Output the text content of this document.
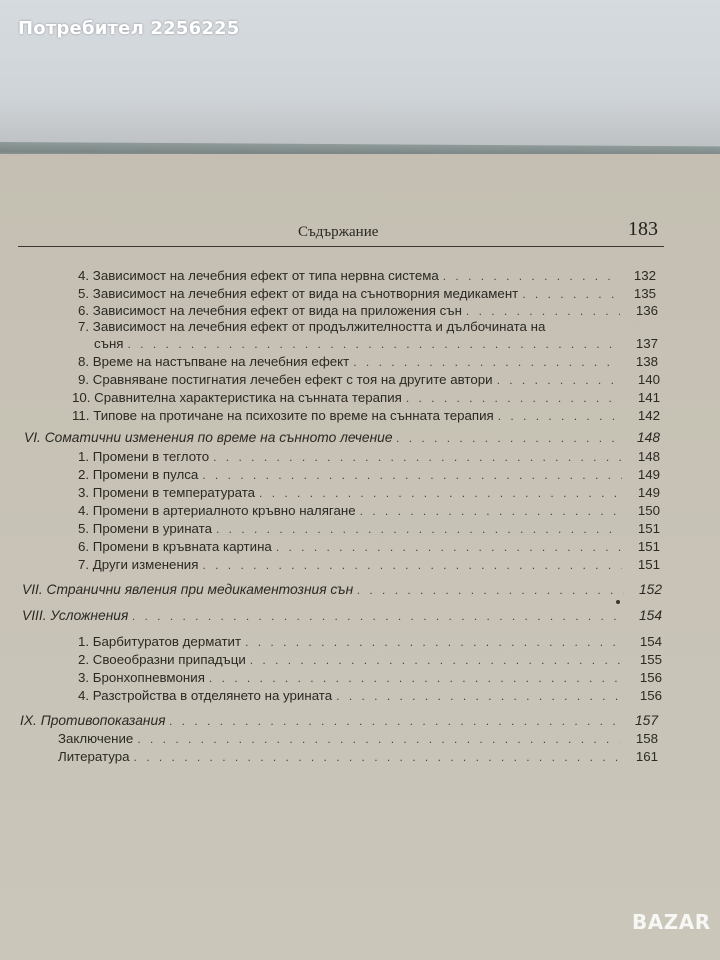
Потребител 2256225
Съдържание	183
4. Зависимост на лечебния ефект от типа нервна система . . .	132
5. Зависимост на лечебния ефект от вида на сънотворния медикамент . . .	135
6. Зависимост на лечебния ефект от вида на приложения сън . . .	136
7. Зависимост на лечебния ефект от продължителността и дълбочината на
съня . . .	137
8. Време на настъпване на лечебния ефект . . .	138
9. Сравняване постигнатия лечебен ефект с тоя на другите автори . . .	140
10. Сравнителна характеристика на сънната терапия . . .	141
11. Типове на протичане на психозите по време на сънната терапия . . .	142
VI. Соматични изменения по време на сънното лечение . . .	148
1. Промени в теглото . . .	148
2. Промени в пулса . . .	149
3. Промени в температурата . . .	149
4. Промени в артериалното кръвно налягане . . .	150
5. Промени в урината . . .	151
6. Промени в кръвната картина . . .	151
7. Други изменения . . .	151
VII. Странични явления при медикаментозния сън . . .	152
VIII. Усложнения . . .	154
1. Барбитуратов дерматит . . .	154
2. Своеобразни припадъци . . .	155
3. Бронхопневмония . . .	156
4. Разстройства в отделянето на урината . . .	156
IX. Противопоказания . . .	157
Заключение . . .	158
Литература . . .	161
BAZAR
